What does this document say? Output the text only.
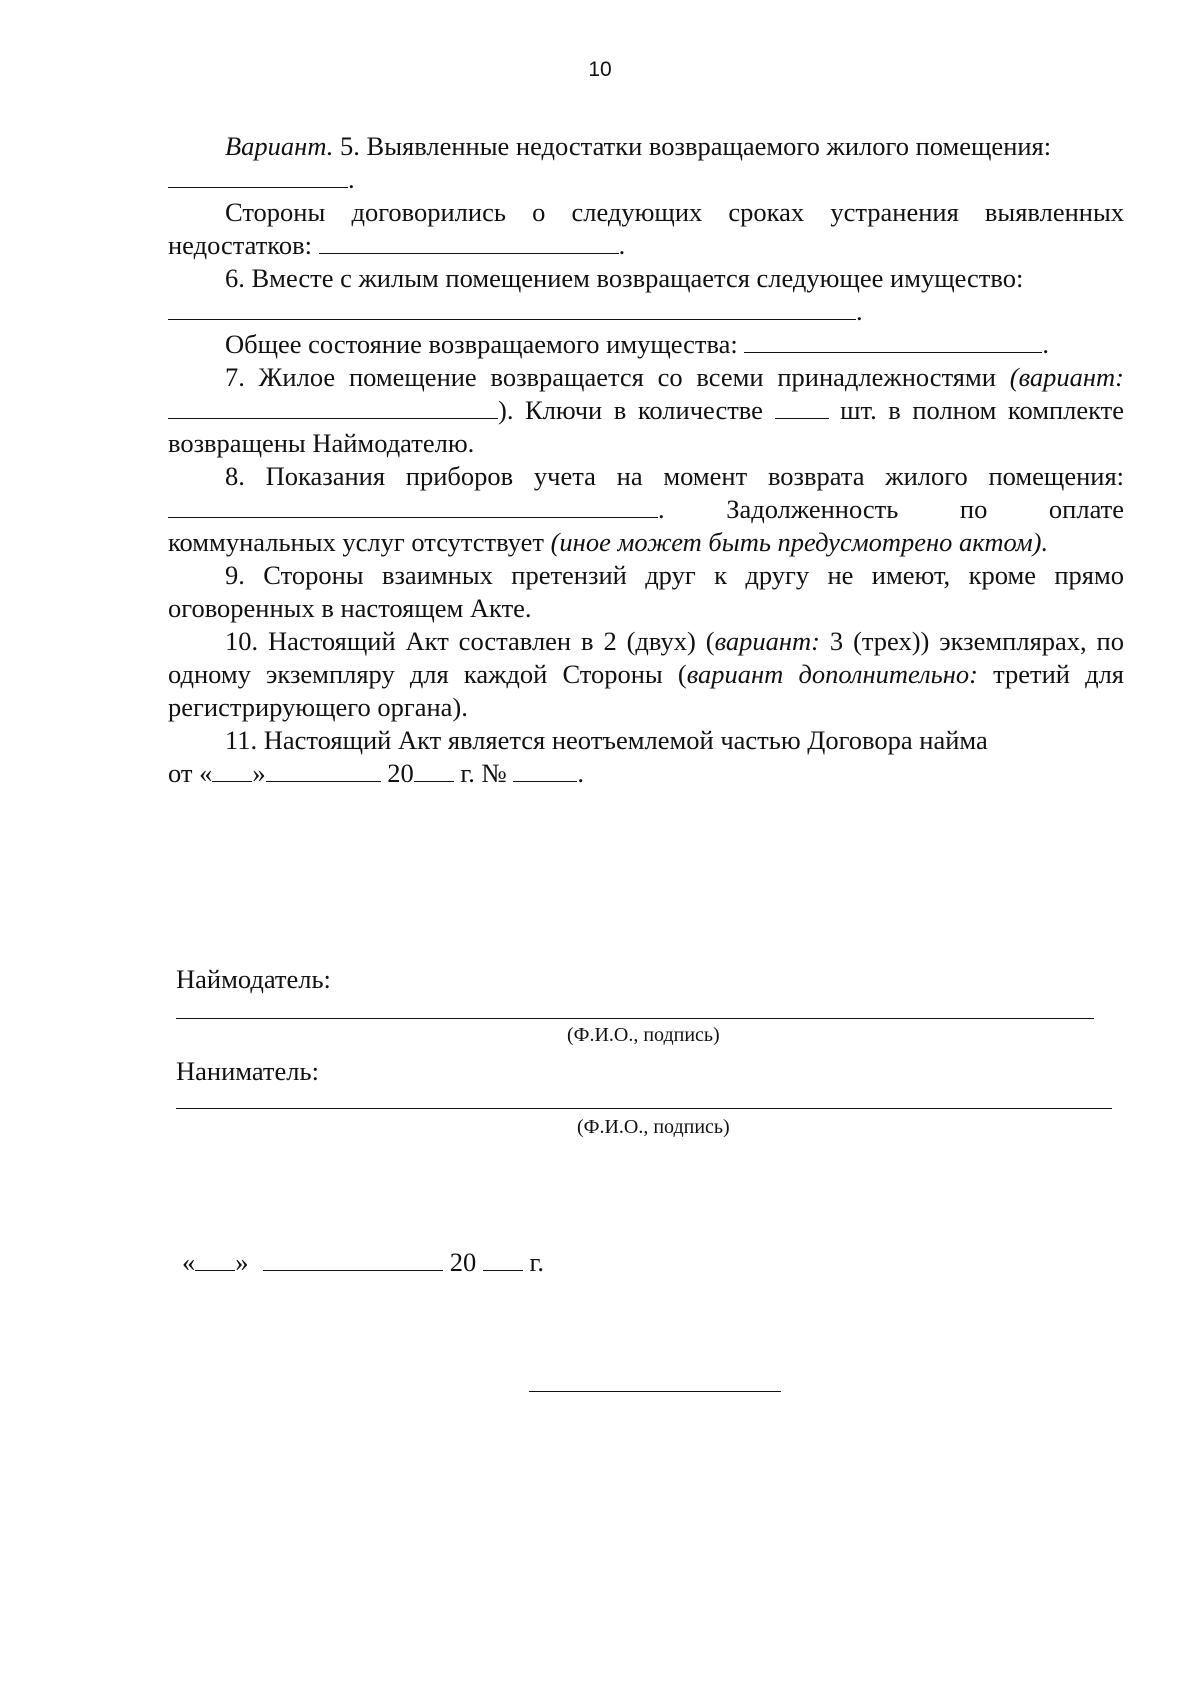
10

Вариант. 5. Выявленные недостатки возвращаемого жилого помещения:

.

Стороны договорились о следующих сроках устранения выявленных недостатков:	.

6. Вместе с жилым помещением возвращается следующее имущество:

.

Общее состояние возвращаемого имущества:	.

7. Жилое помещение возвращается со всеми принадлежностями (вариант: ). Ключи в количестве	шт. в полном комплекте возвращены Наймодателю.

8. Показания приборов учета на момент возврата жилого помещения: . Задолженность по оплате коммунальных услуг отсутствует (иное может быть предусмотрено актом).

9. Стороны взаимных претензий друг к другу не имеют, кроме прямо оговоренных в настоящем Акте.

10. Настоящий Акт составлен в 2 (двух) (вариант: 3 (трех)) экземплярах, по одному экземпляру для каждой Стороны (вариант дополнительно: третий для регистрирующего органа).

11. Настоящий Акт является неотъемлемой частью Договора найма

от « »	20 г. №	.

Наймодатель:
(Ф.И.О., подпись)
Наниматель:
(Ф.И.О., подпись)
« »	20 г.
